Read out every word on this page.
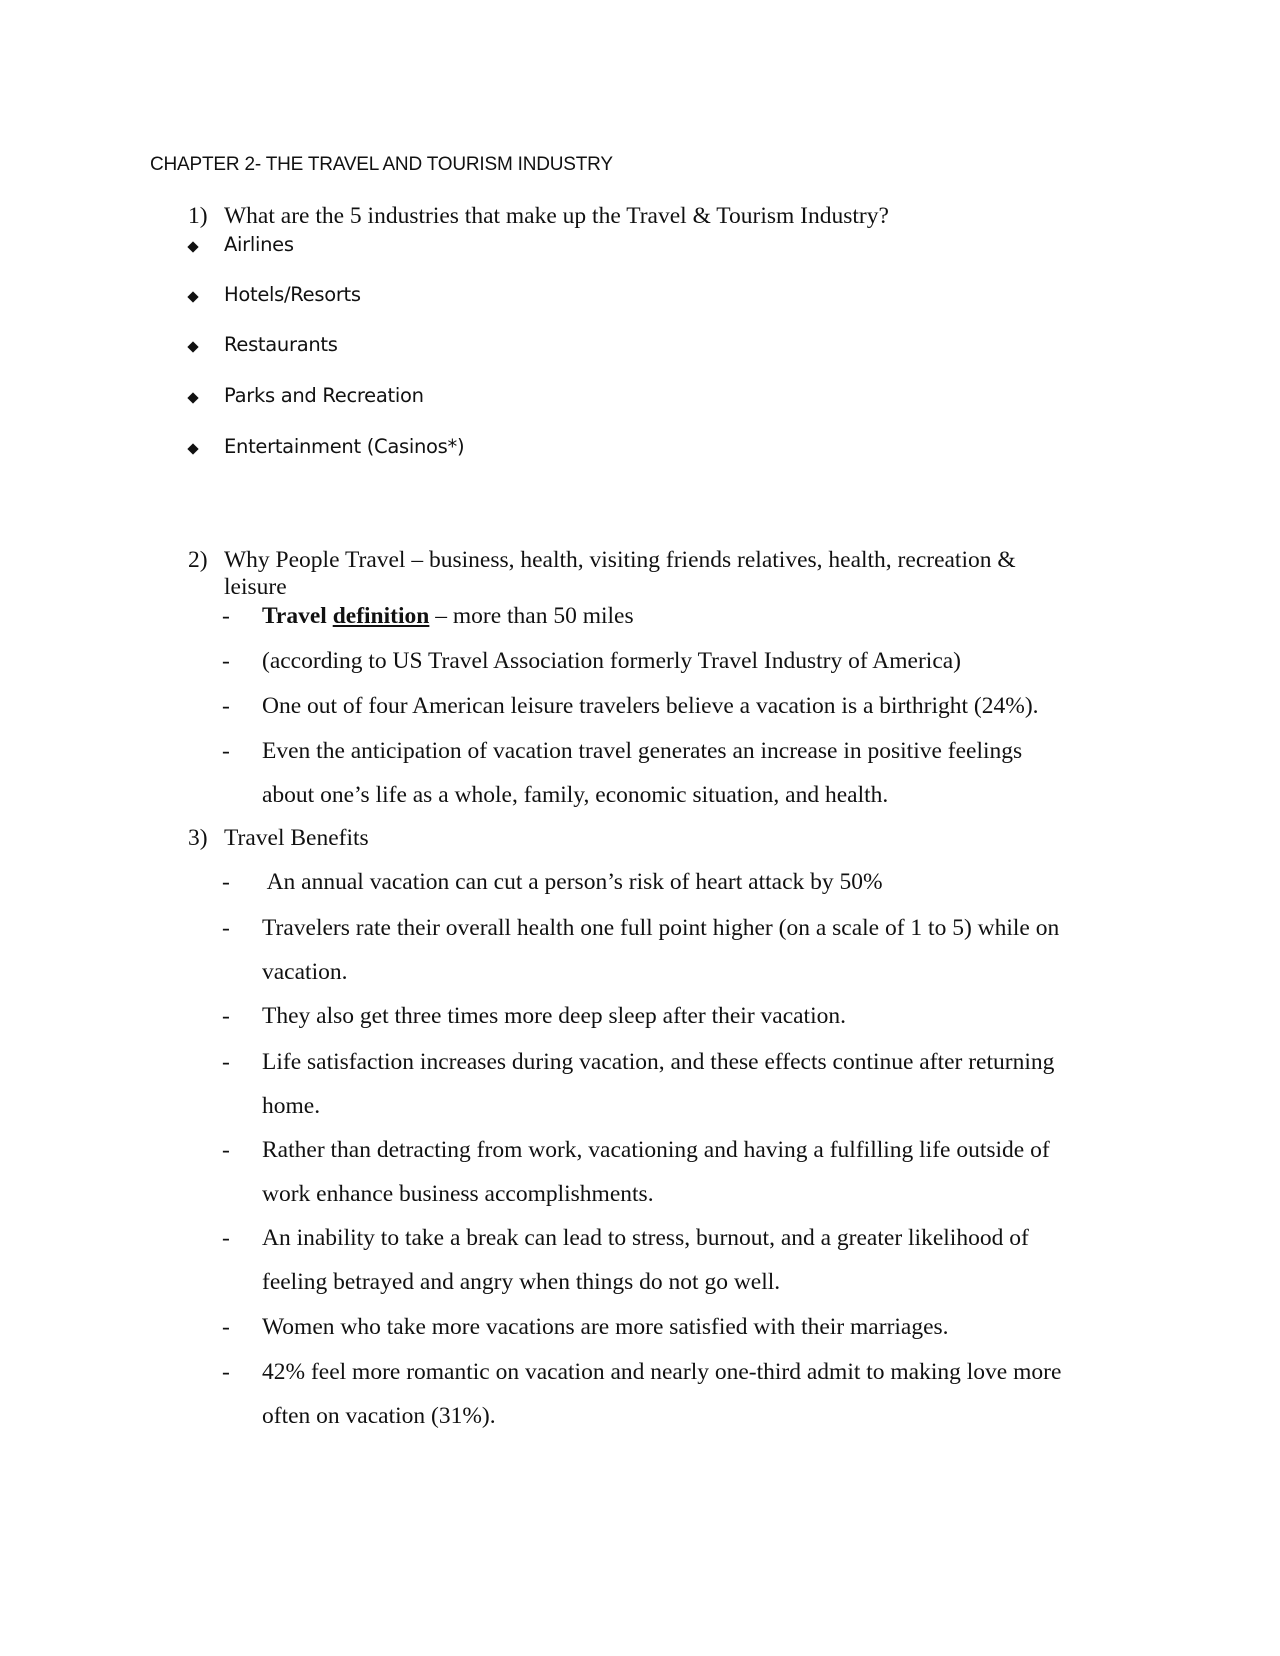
CHAPTER 2- THE TRAVEL AND TOURISM INDUSTRY
1) What are the 5 industries that make up the Travel & Tourism Industry?
Airlines
Hotels/Resorts
Restaurants
Parks and Recreation
Entertainment (Casinos*)
2) Why People Travel – business, health, visiting friends relatives, health, recreation &
leisure
- Travel definition – more than 50 miles
- (according to US Travel Association formerly Travel Industry of America)
- One out of four American leisure travelers believe a vacation is a birthright (24%).
- Even the anticipation of vacation travel generates an increase in positive feelings
about one’s life as a whole, family, economic situation, and health.
3) Travel Benefits
- An annual vacation can cut a person’s risk of heart attack by 50%
- Travelers rate their overall health one full point higher (on a scale of 1 to 5) while on
vacation.
- They also get three times more deep sleep after their vacation.
- Life satisfaction increases during vacation, and these effects continue after returning
home.
- Rather than detracting from work, vacationing and having a fulfilling life outside of
work enhance business accomplishments.
- An inability to take a break can lead to stress, burnout, and a greater likelihood of
feeling betrayed and angry when things do not go well.
- Women who take more vacations are more satisfied with their marriages.
- 42% feel more romantic on vacation and nearly one-third admit to making love more
often on vacation (31%).
